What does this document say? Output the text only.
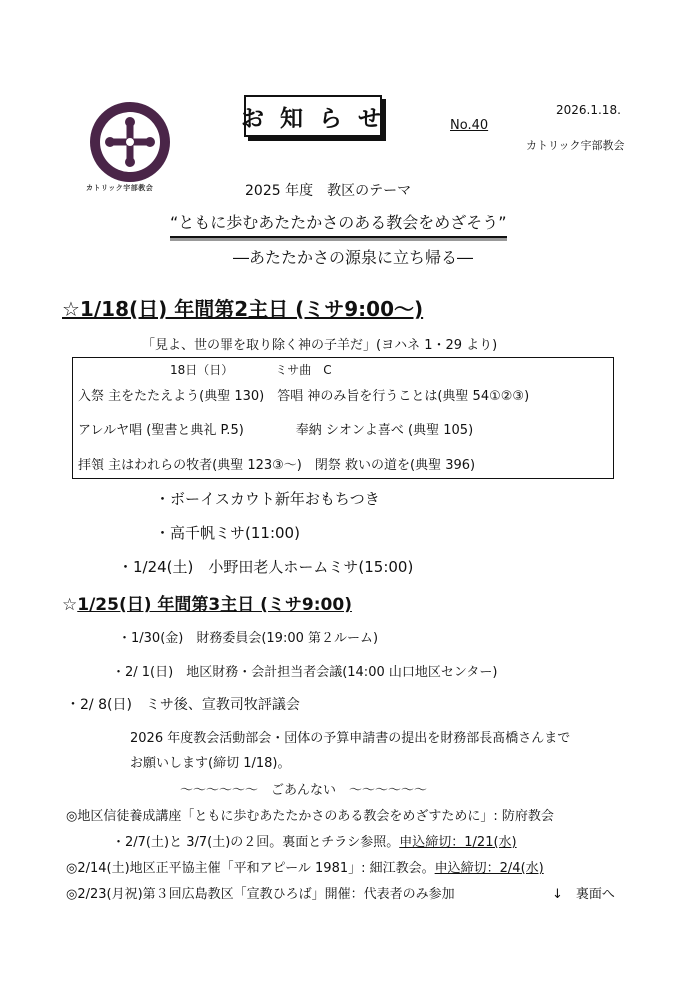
カトリック宇部教会
お 知 ら せ	No.40
2026.1.18.
カトリック宇部教会
2025 年度　教区のテーマ
“ともに歩むあたたかさのある教会をめざそう”
―あたたかさの源泉に立ち帰る―
☆1/18(日) 年間第2主日 (ミサ9:00～)
「見よ、世の罪を取り除く神の子羊だ」(ヨハネ 1・29 より)
18日（日）　　　　ミサ曲　C
入祭 主をたたえよう(典聖 130)　答唱 神のみ旨を行うことは(典聖 54①②③)
アレルヤ唱 (聖書と典礼 P.5)　　　　奉納 シオンよ喜べ (典聖 105)
拝領 主はわれらの牧者(典聖 123③～)　閉祭 救いの道を(典聖 396)
・ボーイスカウト新年おもちつき
・高千帆ミサ(11:00)
・1/24(土)　小野田老人ホームミサ(15:00)
☆1/25(日) 年間第3主日 (ミサ9:00)
・1/30(金)　財務委員会(19:00 第２ルーム)
・2/ 1(日)　地区財務・会計担当者会議(14:00 山口地区センター)
・2/ 8(日)　ミサ後、宣教司牧評議会
2026 年度教会活動部会・団体の予算申請書の提出を財務部長髙橋さんまで
お願いします(締切 1/18)。
～～～～～～　ごあんない　～～～～～～
◎地区信徒養成講座「ともに歩むあたたかさのある教会をめざすために」: 防府教会
・2/7(土)と 3/7(土)の２回。裏面とチラシ参照。申込締切：1/21(水)
◎2/14(土)地区正平協主催「平和アピール 1981」: 細江教会。申込締切：2/4(水)
◎2/23(月祝)第３回広島教区「宣教ひろば」開催：代表者のみ参加	↓　裏面へ
